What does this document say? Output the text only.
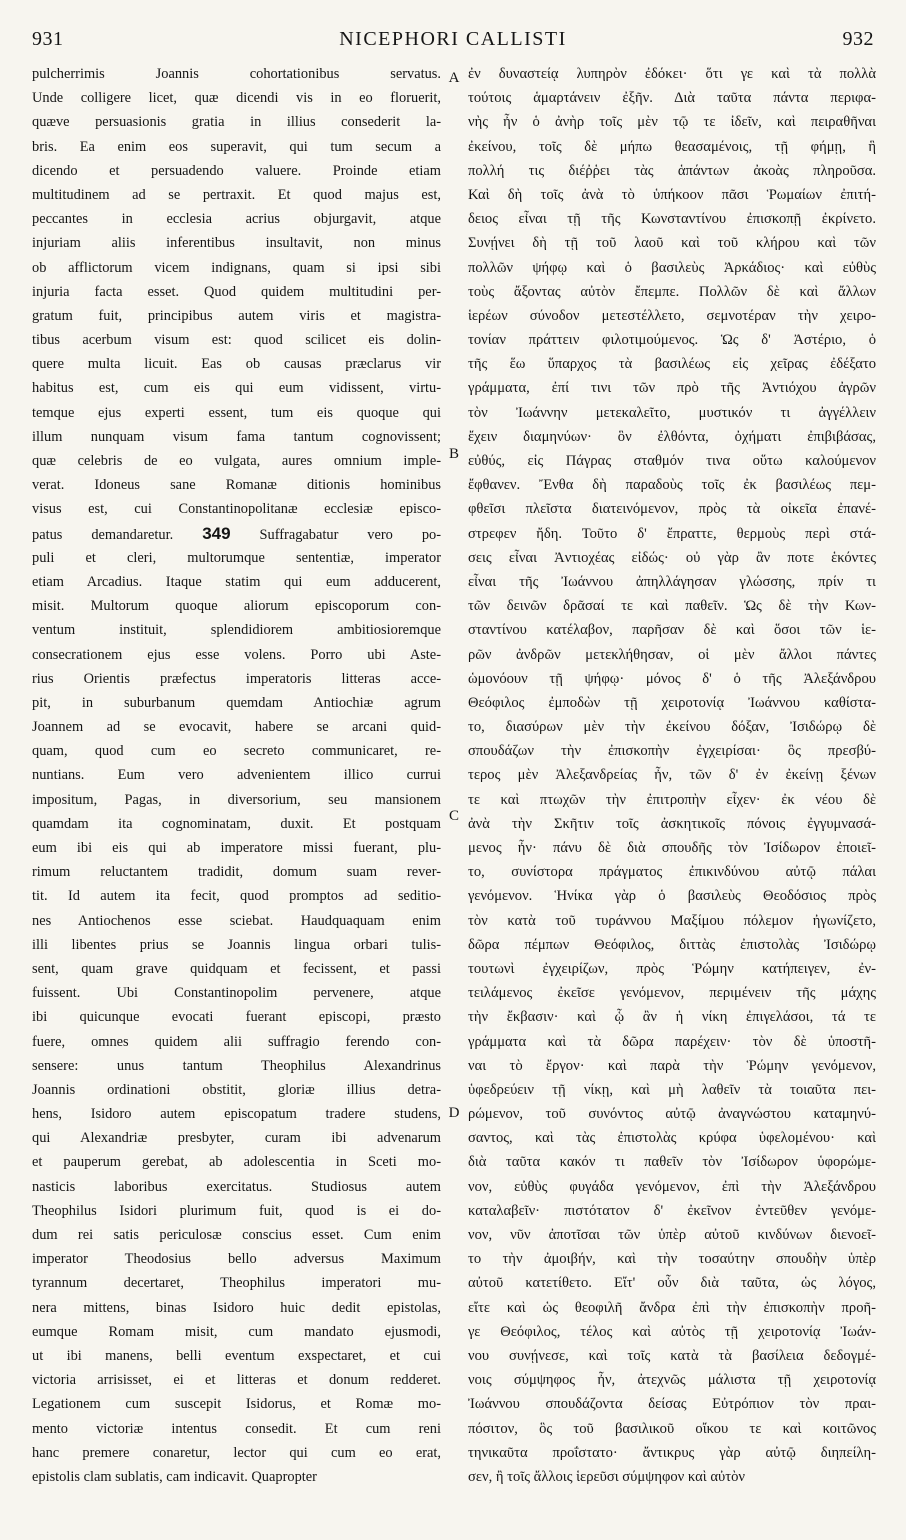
931	NICEPHORI CALLISTI	932
pulcherrimis Joannis cohortationibus servatus.
Unde colligere licet, quæ dicendi vis in eo floruerit,
quæve persuasionis gratia in illius consederit la-
bris. Ea enim eos superavit, qui tum secum a
dicendo et persuadendo valuere. Proinde etiam
multitudinem ad se pertraxit. Et quod majus est,
peccantes in ecclesia acrius objurgavit, atque
injuriam aliis inferentibus insultavit, non minus
ob afflictorum vicem indignans, quam si ipsi sibi
injuria facta esset. Quod quidem multitudini per-
gratum fuit, principibus autem viris et magistra-
tibus acerbum visum est: quod scilicet eis dolin-
quere multa licuit. Eas ob causas præclarus vir
habitus est, cum eis qui eum vidissent, virtu-
temque ejus experti essent, tum eis quoque qui
illum nunquam visum fama tantum cognovissent;
quæ celebris de eo vulgata, aures omnium imple-
verat. Idoneus sane Romanæ ditionis hominibus
visus est, cui Constantinopolitanæ ecclesiæ episco-
patus demandaretur. 349 Suffragabatur vero po-
puli et cleri, multorumque sententiæ, imperator
etiam Arcadius. Itaque statim qui eum adducerent,
misit. Multorum quoque aliorum episcoporum con-
ventum instituit, splendidiorem ambitiosioremque
consecrationem ejus esse volens. Porro ubi Aste-
rius Orientis præfectus imperatoris litteras acce-
pit, in suburbanum quemdam Antiochiæ agrum
Joannem ad se evocavit, habere se arcani quid-
quam, quod cum eo secreto communicaret, re-
nuntians. Eum vero advenientem illico currui
impositum, Pagas, in diversorium, seu mansionem
quamdam ita cognominatam, duxit. Et postquam
eum ibi eis qui ab imperatore missi fuerant, plu-
rimum reluctantem tradidit, domum suam rever-
tit. Id autem ita fecit, quod promptos ad seditio-
nes Antiochenos esse sciebat. Haudquaquam enim
illi libentes prius se Joannis lingua orbari tulis-
sent, quam grave quidquam et fecissent, et passi
fuissent. Ubi Constantinopolim pervenere, atque
ibi quicunque evocati fuerant episcopi, præsto
fuere, omnes quidem alii suffragio ferendo con-
sensere: unus tantum Theophilus Alexandrinus
Joannis ordinationi obstitit, gloriæ illius detra-
hens, Isidoro autem episcopatum tradere studens,
qui Alexandriæ presbyter, curam ibi advenarum
et pauperum gerebat, ab adolescentia in Sceti mo-
nasticis laboribus exercitatus. Studiosus autem
Theophilus Isidori plurimum fuit, quod is ei do-
dum rei satis periculosæ conscius esset. Cum enim
imperator Theodosius bello adversus Maximum
tyrannum decertaret, Theophilus imperatori mu-
nera mittens, binas Isidoro huic dedit epistolas,
eumque Romam misit, cum mandato ejusmodi,
ut ibi manens, belli eventum exspectaret, et cui
victoria arrisisset, ei et litteras et donum redderet.
Legationem cum suscepit Isidorus, et Romæ mo-
mento victoriæ intentus consedit. Et cum reni
hanc premere conaretur, lector qui cum eo erat,
epistolis clam sublatis, cam indicavit. Quapropter
ἐν δυναστείᾳ λυπηρὸν ἐδόκει· ὅτι γε καὶ τὰ πολλὰ
τούτοις ἁμαρτάνειν ἐξῆν. Διὰ ταῦτα πάντα περιφα-
νὴς ἦν ὁ ἀνὴρ τοῖς μὲν τῷ τε ἰδεῖν, καὶ πειραθῆναι
ἐκείνου, τοῖς δὲ μήπω θεασαμένοις, τῇ φήμῃ, ἣ
πολλή τις διέῤῥει τὰς ἁπάντων ἀκοὰς πληροῦσα.
Καὶ δὴ τοῖς ἀνὰ τὸ ὑπήκοον πᾶσι Ῥωμαίων ἐπιτή-
δειος εἶναι τῇ τῆς Κωνσταντίνου ἐπισκοπῇ ἐκρίνετο.
Συνῄνει δὴ τῇ τοῦ λαοῦ καὶ τοῦ κλήρου καὶ τῶν
πολλῶν ψήφῳ καὶ ὁ βασιλεὺς Ἀρκάδιος· καὶ εὐθὺς
τοὺς ἄξοντας αὐτὸν ἔπεμπε. Πολλῶν δὲ καὶ ἄλλων
ἱερέων σύνοδον μετεστέλλετο, σεμνοτέραν τὴν χειρο-
τονίαν πράττειν φιλοτιμούμενος. Ὡς δ' Ἀστέριο, ὁ
τῆς ἕω ὕπαρχος τὰ βασιλέως εἰς χεῖρας ἐδέξατο
γράμματα, ἐπί τινι τῶν πρὸ τῆς Ἀντιόχου ἀγρῶν
τὸν Ἰωάννην μετεκαλεῖτο, μυστικόν τι ἀγγέλλειν
ἔχειν διαμηνύων· ὃν ἐλθόντα, ὀχήματι ἐπιβιβάσας,
εὐθύς, εἰς Πάγρας σταθμόν τινα οὕτω καλούμενον
ἔφθανεν. Ἔνθα δὴ παραδοὺς τοῖς ἐκ βασιλέως πεμ-
φθεῖσι πλεῖστα διατεινόμενον, πρὸς τὰ οἰκεῖα ἐπανέ-
στρεφεν ἤδη. Τοῦτο δ' ἔπραττε, θερμοὺς περὶ στά-
σεις εἶναι Ἀντιοχέας εἰδώς· οὐ γὰρ ἂν ποτε ἑκόντες
εἶναι τῆς Ἰωάννου ἀπηλλάγησαν γλώσσης, πρίν τι
τῶν δεινῶν δρᾶσαί τε καὶ παθεῖν. Ὡς δὲ τὴν Κων-
σταντίνου κατέλαβον, παρῆσαν δὲ καὶ ὅσοι τῶν ἱε-
ρῶν ἀνδρῶν μετεκλήθησαν, οἱ μὲν ἄλλοι πάντες
ὡμονόουν τῇ ψήφῳ· μόνος δ' ὁ τῆς Ἀλεξάνδρου
Θεόφιλος ἐμποδὼν τῇ χειροτονίᾳ Ἰωάννου καθίστα-
το, διασύρων μὲν τὴν ἐκείνου δόξαν, Ἰσιδώρῳ δὲ
σπουδάζων τὴν ἐπισκοπὴν ἐγχειρίσαι· ὃς πρεσβύ-
τερος μὲν Ἀλεξανδρείας ἦν, τῶν δ' ἐν ἐκείνῃ ξένων
τε καὶ πτωχῶν τὴν ἐπιτροπὴν εἶχεν· ἐκ νέου δὲ
ἀνὰ τὴν Σκῆτιν τοῖς ἀσκητικοῖς πόνοις ἐγγυμνασά-
μενος ἦν· πάνυ δὲ διὰ σπουδῆς τὸν Ἰσίδωρον ἐποιεῖ-
το, συνίστορα πράγματος ἐπικινδύνου αὐτῷ πάλαι
γενόμενον. Ἡνίκα γὰρ ὁ βασιλεὺς Θεοδόσιος πρὸς
τὸν κατὰ τοῦ τυράννου Μαξίμου πόλεμον ἠγωνίζετο,
δῶρα πέμπων Θεόφιλος, διττὰς ἐπιστολὰς Ἰσιδώρῳ
τουτωνὶ ἐγχειρίζων, πρὸς Ῥώμην κατήπειγεν, ἐν-
τειλάμενος ἐκεῖσε γενόμενον, περιμένειν τῆς μάχης
τὴν ἔκβασιν· καὶ ᾧ ἂν ἡ νίκη ἐπιγελάσοι, τά τε
γράμματα καὶ τὰ δῶρα παρέχειν· τὸν δὲ ὑποστῆ-
ναι τὸ ἔργον· καὶ παρὰ τὴν Ῥώμην γενόμενον,
ὑφεδρεύειν τῇ νίκῃ, καὶ μὴ λαθεῖν τὰ τοιαῦτα πει-
ρώμενον, τοῦ συνόντος αὐτῷ ἀναγνώστου καταμηνύ-
σαντος, καὶ τὰς ἐπιστολὰς κρύφα ὑφελομένου· καὶ
διὰ ταῦτα κακόν τι παθεῖν τὸν Ἰσίδωρον ὑφορώμε-
νον, εὐθὺς φυγάδα γενόμενον, ἐπὶ τὴν Ἀλεξάνδρου
καταλαβεῖν· πιστότατον δ' ἐκεῖνον ἐντεῦθεν γενόμε-
νον, νῦν ἀποτῖσαι τῶν ὑπὲρ αὐτοῦ κινδύνων διενοεῖ-
το τὴν ἀμοιβήν, καὶ τὴν τοσαύτην σπουδὴν ὑπὲρ
αὐτοῦ κατετίθετο. Εἴτ' οὖν διὰ ταῦτα, ὡς λόγος,
εἴτε καὶ ὡς θεοφιλῆ ἄνδρα ἐπὶ τὴν ἐπισκοπὴν προῆ-
γε Θεόφιλος, τέλος καὶ αὐτὸς τῇ χειροτονίᾳ Ἰωάν-
νου συνῄνεσε, καὶ τοῖς κατὰ τὰ βασίλεια δεδογμέ-
νοις σύμψηφος ἦν, ἀτεχνῶς μάλιστα τῇ χειροτονίᾳ
Ἰωάννου σπουδάζοντα δείσας Εὐτρόπιον τὸν πραι-
πόσιτον, ὃς τοῦ βασιλικοῦ οἴκου τε καὶ κοιτῶνος
τηνικαῦτα προΐστατο· ἄντικρυς γὰρ αὐτῷ διηπείλη-
σεν, ἢ τοῖς ἄλλοις ἱερεῦσι σύμψηφον καὶ αὐτὸν
A
B
C
D
